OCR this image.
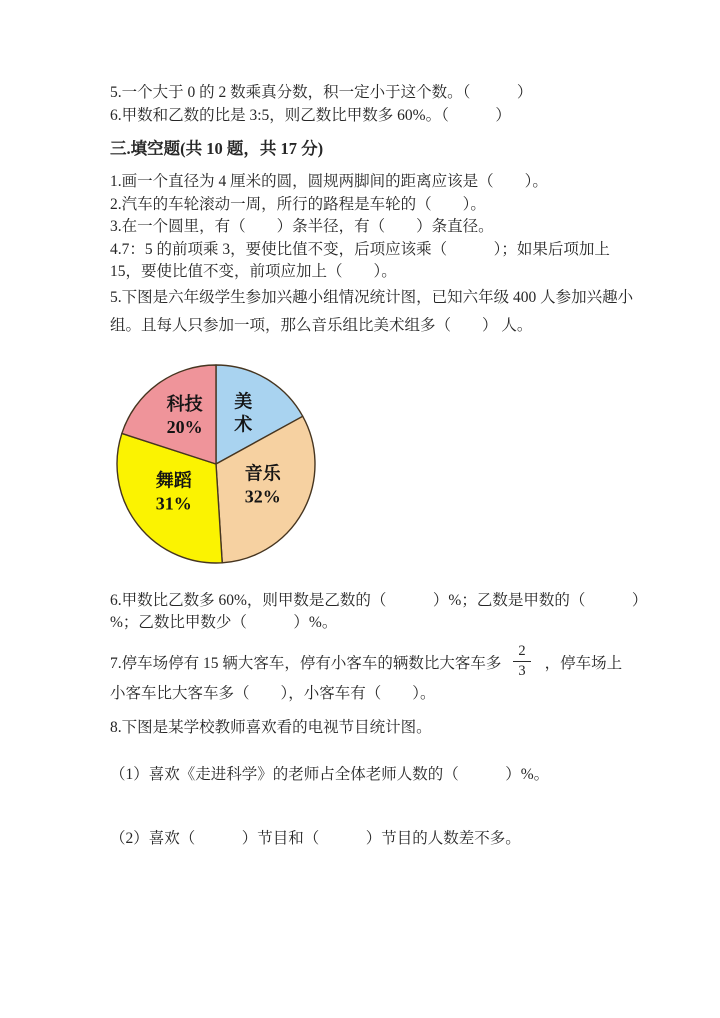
5.一个大于 0 的 2 数乘真分数，积一定小于这个数。（　　　）

6.甲数和乙数的比是 3:5，则乙数比甲数多 60%。（　　　）

三.填空题(共 10 题，共 17 分)

1.画一个直径为 4 厘米的圆，圆规两脚间的距离应该是（　　）。

2.汽车的车轮滚动一周，所行的路程是车轮的（　　）。

3.在一个圆里，有（　　）条半径，有（　　）条直径。

4.7：5 的前项乘 3，要使比值不变，后项应该乘（　　　）；如果后项加上

15，要使比值不变，前项应加上（　　）。

5.下图是六年级学生参加兴趣小组情况统计图，已知六年级 400 人参加兴趣小

组。且每人只参加一项，那么音乐组比美术组多（　　） 人。

美
术
音乐
32%
舞蹈
31%
科技
20%

6.甲数比乙数多 60%，则甲数是乙数的（　　　）%；乙数是甲数的（　　　）

%；乙数比甲数少（　　　）%。

7.停车场停有 15 辆大客车，停有小客车的辆数比大客车多 $\frac{2}{3}$ ，停车场上

小客车比大客车多（　　），小客车有（　　）。

8.下图是某学校教师喜欢看的电视节目统计图。

（1）喜欢《走进科学》的老师占全体老师人数的（　　　）%。

（2）喜欢（　　　）节目和（　　　）节目的人数差不多。
